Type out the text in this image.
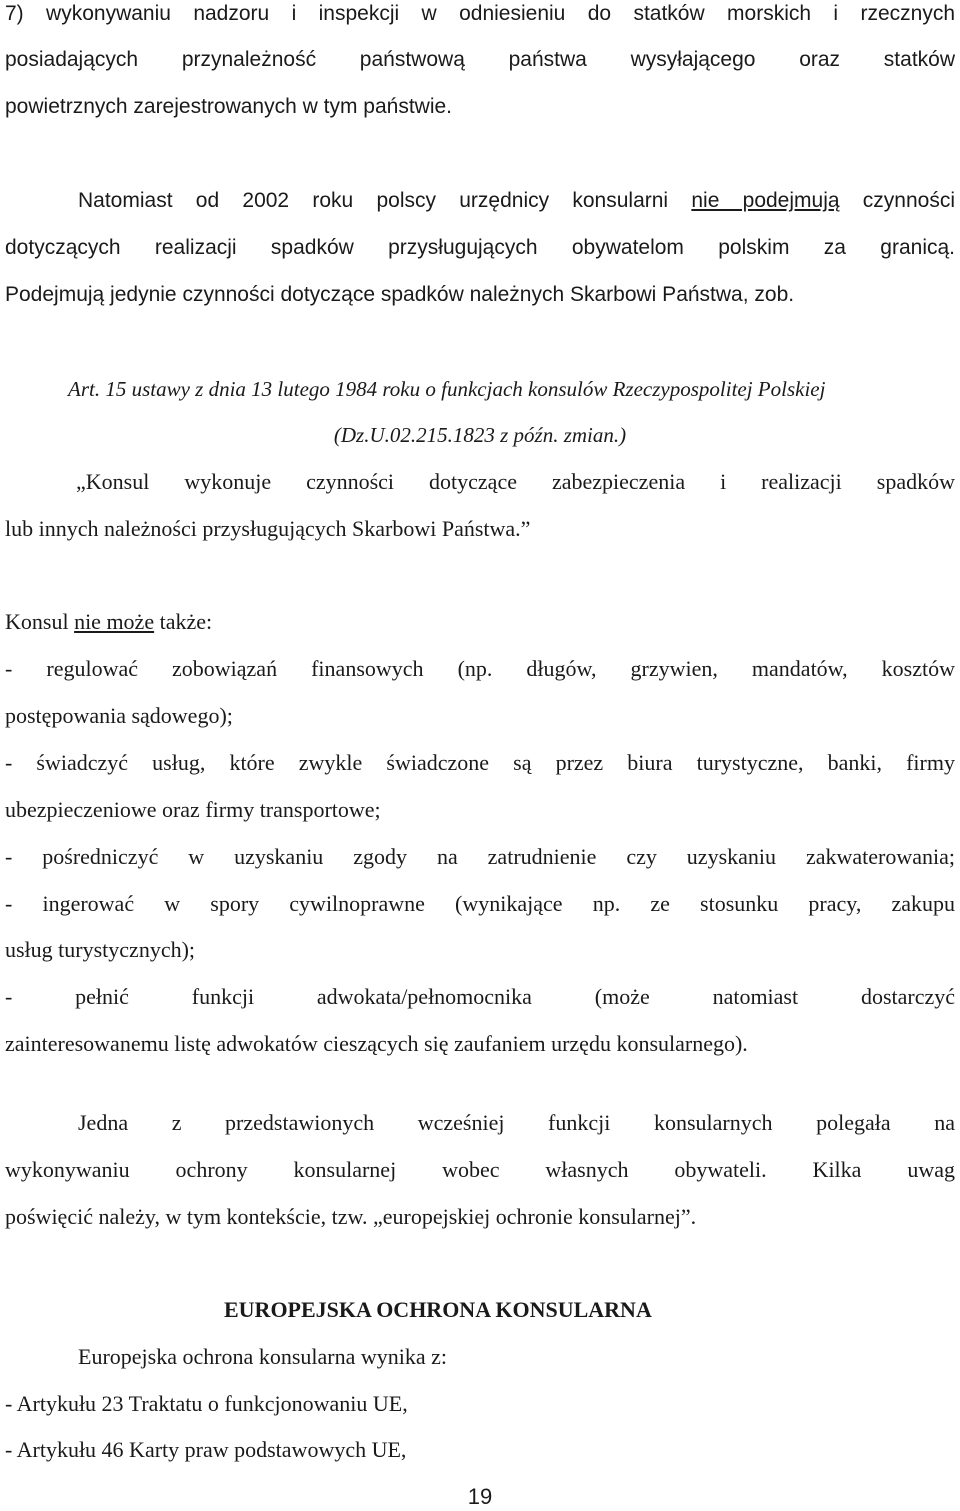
7) wykonywaniu nadzoru i inspekcji w odniesieniu do statków morskich i rzecznych

posiadających przynależność państwową państwa wysyłającego oraz statków

powietrznych zarejestrowanych w tym państwie.

Natomiast od 2002 roku polscy urzędnicy konsularni nie podejmują czynności

dotyczących realizacji spadków przysługujących obywatelom polskim za granicą.

Podejmują jedynie czynności dotyczące spadków należnych Skarbowi Państwa, zob.

Art. 15 ustawy z dnia 13 lutego 1984 roku o funkcjach konsulów Rzeczypospolitej Polskiej

(Dz.U.02.215.1823 z późn. zmian.)

„Konsul wykonuje czynności dotyczące zabezpieczenia i realizacji spadków

lub innych należności przysługujących Skarbowi Państwa.”

Konsul nie może także:

- regulować zobowiązań finansowych (np. długów, grzywien, mandatów, kosztów

postępowania sądowego);

- świadczyć usług, które zwykle świadczone są przez biura turystyczne, banki, firmy

ubezpieczeniowe oraz firmy transportowe;

- pośredniczyć w uzyskaniu zgody na zatrudnienie czy uzyskaniu zakwaterowania;

- ingerować w spory cywilnoprawne (wynikające np. ze stosunku pracy, zakupu

usług turystycznych);

- pełnić funkcji adwokata/pełnomocnika (może natomiast dostarczyć

zainteresowanemu listę adwokatów cieszących się zaufaniem urzędu konsularnego).

Jedna z przedstawionych wcześniej funkcji konsularnych polegała na

wykonywaniu ochrony konsularnej wobec własnych obywateli. Kilka uwag

poświęcić należy, w tym kontekście, tzw. „europejskiej ochronie konsularnej”.

EUROPEJSKA OCHRONA KONSULARNA

Europejska ochrona konsularna wynika z:

- Artykułu 23 Traktatu o funkcjonowaniu UE,

- Artykułu 46 Karty praw podstawowych UE,

19
